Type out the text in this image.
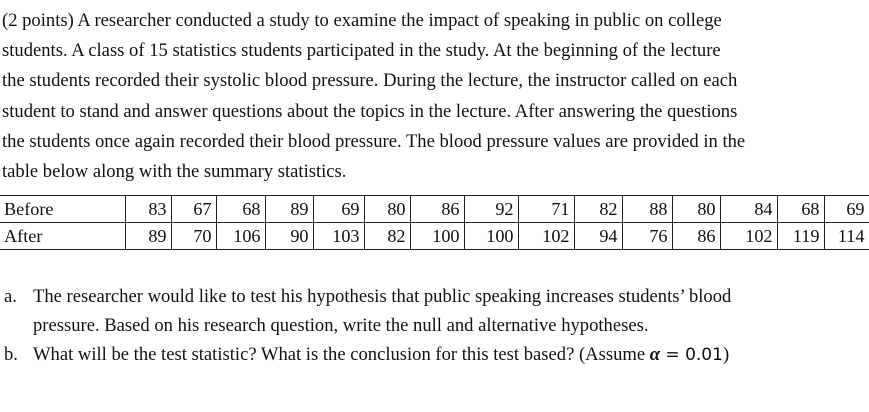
(2 points) A researcher conducted a study to examine the impact of speaking in public on college
students. A class of 15 statistics students participated in the study. At the beginning of the lecture
the students recorded their systolic blood pressure. During the lecture, the instructor called on each
student to stand and answer questions about the topics in the lecture. After answering the questions
the students once again recorded their blood pressure. The blood pressure values are provided in the
table below along with the summary statistics.
Before	83	67	68	89	69	80	86	92	71	82	88	80	84	68	69
After	89	70	106	90	103	82	100	100	102	94	76	86	102	119	114
a. The researcher would like to test his hypothesis that public speaking increases students’ blood
pressure. Based on his research question, write the null and alternative hypotheses.
b. What will be the test statistic? What is the conclusion for this test based? (Assume α = 0.01)
